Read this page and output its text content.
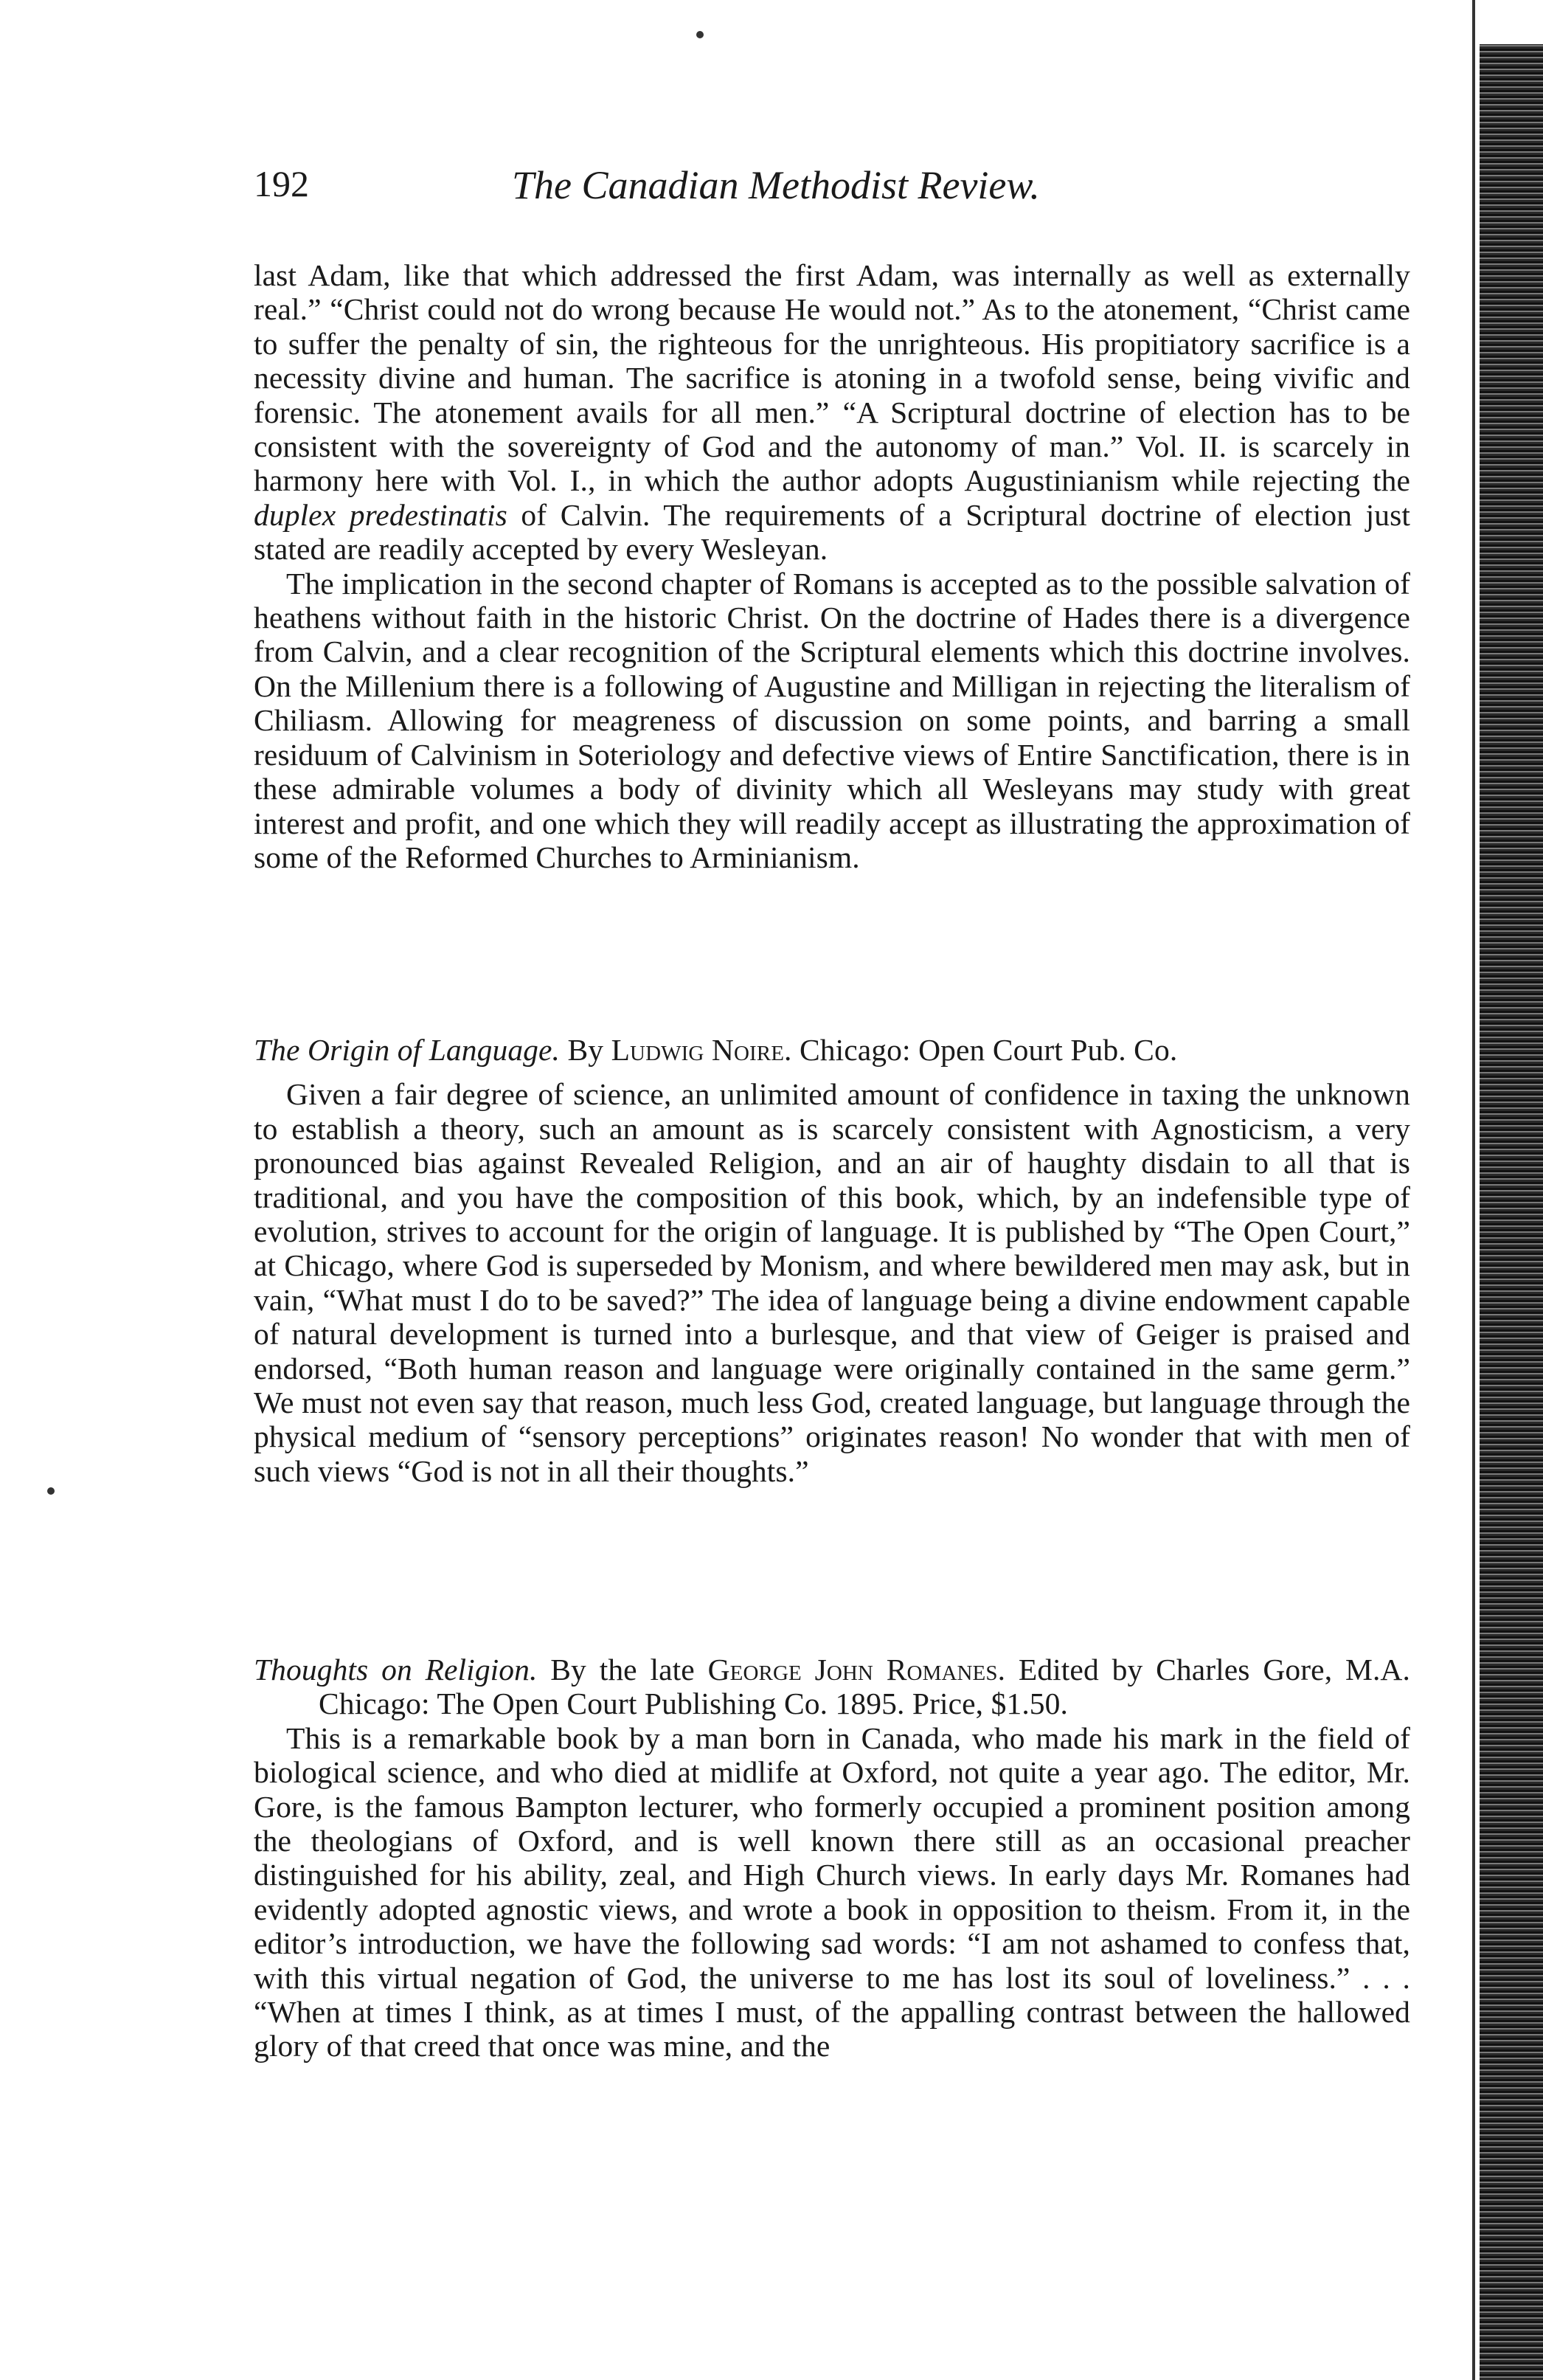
192	The Canadian Methodist Review.

last Adam, like that which addressed the first Adam, was internally as well as externally real.” “Christ could not do wrong because He would not.” As to the atonement, “Christ came to suffer the penalty of sin, the righteous for the unrighteous. His propitiatory sacrifice is a necessity divine and human. The sacrifice is atoning in a twofold sense, being vivific and forensic. The atonement avails for all men.” “A Scriptural doctrine of election has to be consistent with the sovereignty of God and the autonomy of man.” Vol. II. is scarcely in harmony here with Vol. I., in which the author adopts Augustinianism while rejecting the duplex predestinatis of Calvin. The requirements of a Scriptural doctrine of election just stated are readily accepted by every Wesleyan.

The implication in the second chapter of Romans is accepted as to the possible salvation of heathens without faith in the historic Christ. On the doctrine of Hades there is a divergence from Calvin, and a clear recognition of the Scriptural elements which this doctrine involves. On the Millenium there is a following of Augustine and Milligan in rejecting the literalism of Chiliasm. Allowing for meagreness of discussion on some points, and barring a small residuum of Calvinism in Soteriology and defective views of Entire Sanctification, there is in these admirable volumes a body of divinity which all Wesleyans may study with great interest and profit, and one which they will readily accept as illustrating the approximation of some of the Reformed Churches to Arminianism.

The Origin of Language. By Ludwig Noire. Chicago: Open Court Pub. Co.

Given a fair degree of science, an unlimited amount of confidence in taxing the unknown to establish a theory, such an amount as is scarcely consistent with Agnosticism, a very pronounced bias against Revealed Religion, and an air of haughty disdain to all that is traditional, and you have the composition of this book, which, by an indefensible type of evolution, strives to account for the origin of language. It is published by “The Open Court,” at Chicago, where God is superseded by Monism, and where bewildered men may ask, but in vain, “What must I do to be saved?” The idea of language being a divine endowment capable of natural development is turned into a burlesque, and that view of Geiger is praised and endorsed, “Both human reason and language were originally contained in the same germ.” We must not even say that reason, much less God, created language, but language through the physical medium of “sensory perceptions” originates reason! No wonder that with men of such views “God is not in all their thoughts.”

Thoughts on Religion. By the late George John Romanes. Edited by Charles Gore, M.A. Chicago: The Open Court Publishing Co. 1895. Price, $1.50.

This is a remarkable book by a man born in Canada, who made his mark in the field of biological science, and who died at midlife at Oxford, not quite a year ago. The editor, Mr. Gore, is the famous Bampton lecturer, who formerly occupied a prominent position among the theologians of Oxford, and is well known there still as an occasional preacher distinguished for his ability, zeal, and High Church views. In early days Mr. Romanes had evidently adopted agnostic views, and wrote a book in opposition to theism. From it, in the editor’s introduction, we have the following sad words: “I am not ashamed to confess that, with this virtual negation of God, the universe to me has lost its soul of loveliness.” . . . “When at times I think, as at times I must, of the appalling contrast between the hallowed glory of that creed that once was mine, and the
